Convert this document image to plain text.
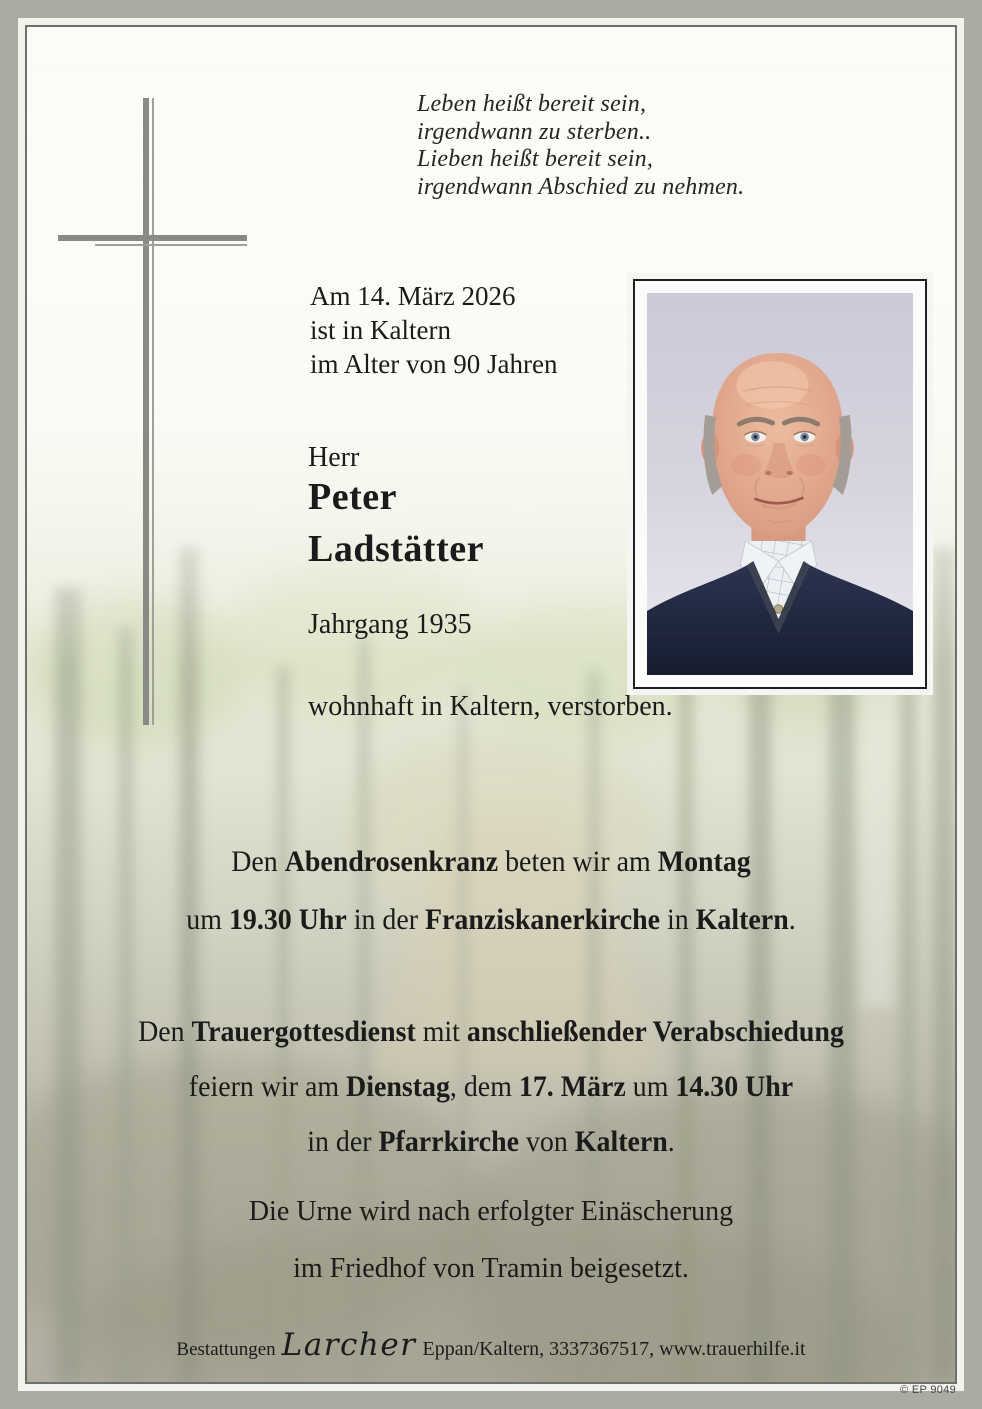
Leben heißt bereit sein,
irgendwann zu sterben..
Lieben heißt bereit sein,
irgendwann Abschied zu nehmen.
Am 14. März 2026
ist in Kaltern
im Alter von 90 Jahren
Herr
Peter
Ladstätter
Jahrgang 1935
wohnhaft in Kaltern, verstorben.
Den Abendrosenkranz beten wir am Montag
um 19.30 Uhr in der Franziskanerkirche in Kaltern.
Den Trauergottesdienst mit anschließender Verabschiedung
feiern wir am Dienstag, dem 17. März um 14.30 Uhr
in der Pfarrkirche von Kaltern.
Die Urne wird nach erfolgter Einäscherung
im Friedhof von Tramin beigesetzt.
Bestattungen Larcher Eppan/Kaltern, 3337367517, www.trauerhilfe.it
© EP 9049
